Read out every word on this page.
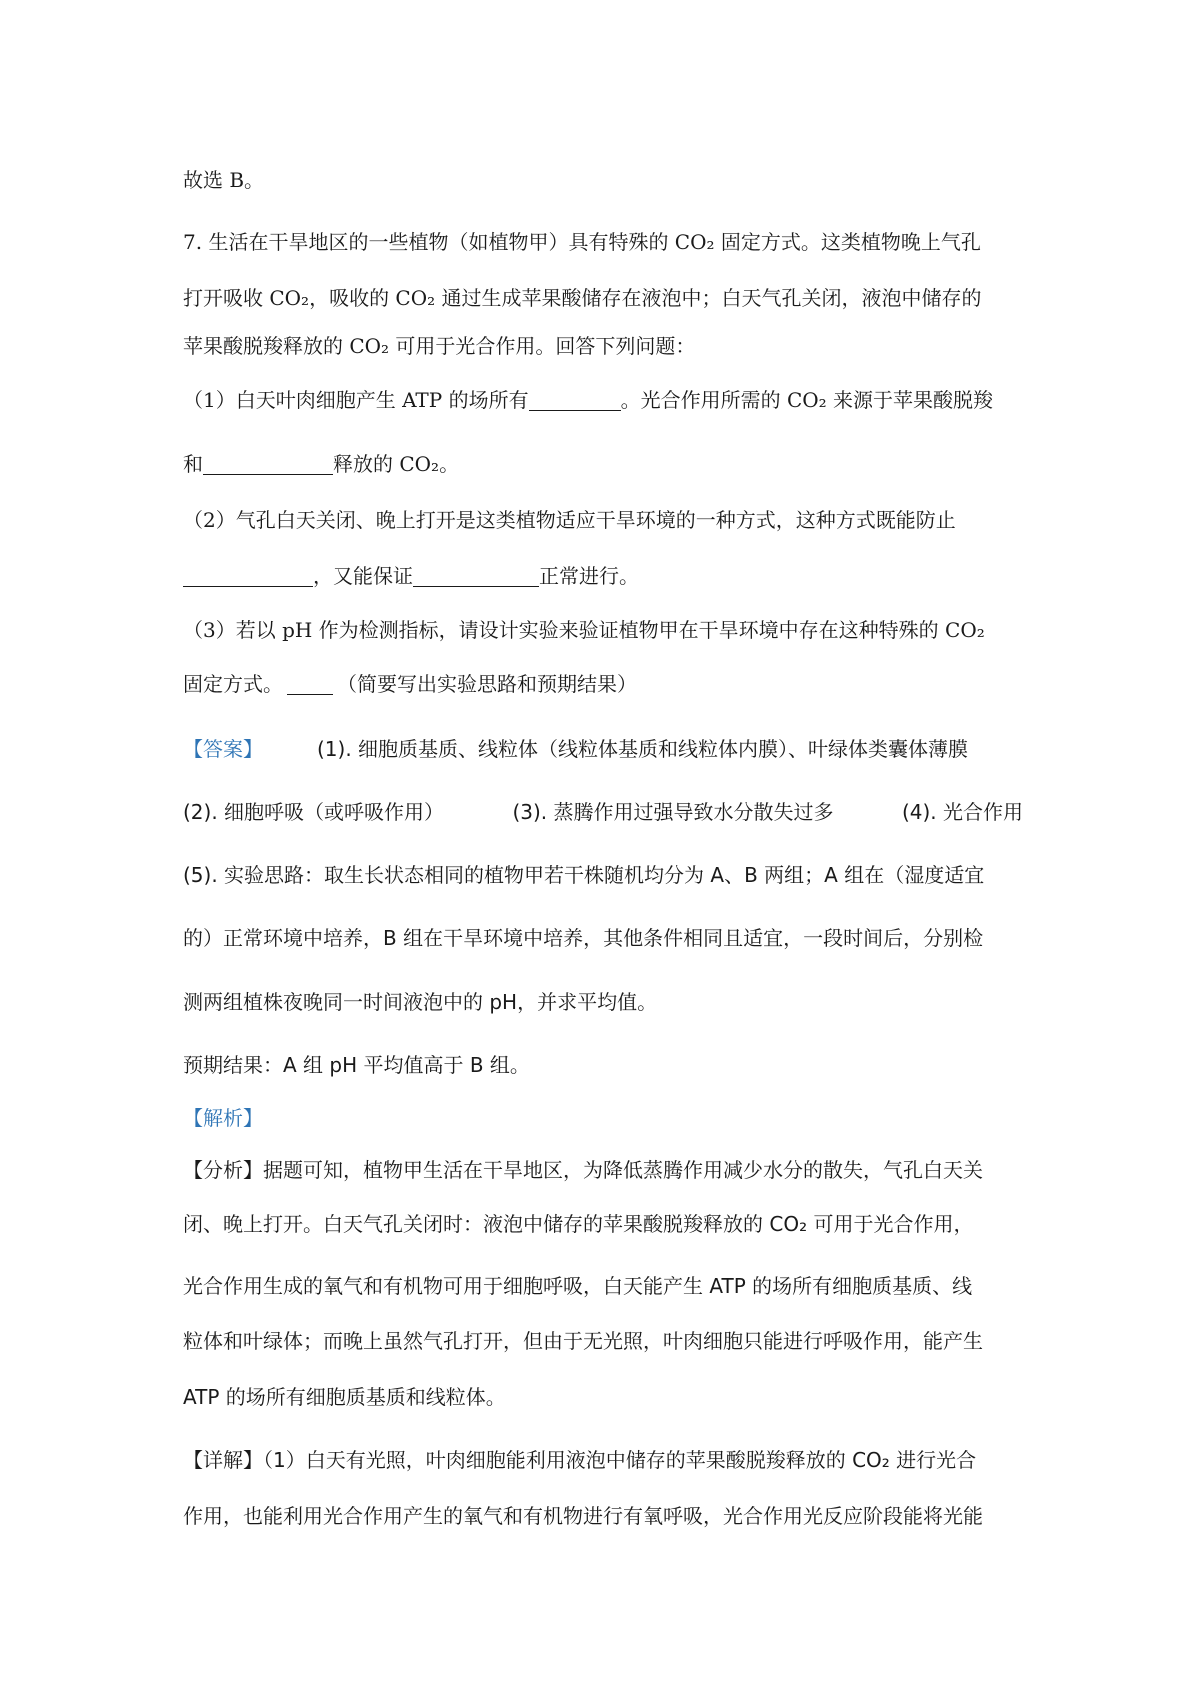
故选 B。
7. 生活在干旱地区的一些植物（如植物甲）具有特殊的 CO₂ 固定方式。这类植物晚上气孔
打开吸收 CO₂，吸收的 CO₂ 通过生成苹果酸储存在液泡中；白天气孔关闭，液泡中储存的
苹果酸脱羧释放的 CO₂ 可用于光合作用。回答下列问题：
（1）白天叶肉细胞产生 ATP 的场所有	。光合作用所需的 CO₂ 来源于苹果酸脱羧
和	释放的 CO₂。
（2）气孔白天关闭、晚上打开是这类植物适应干旱环境的一种方式，这种方式既能防止
，又能保证	正常进行。
（3）若以 pH 作为检测指标，请设计实验来验证植物甲在干旱环境中存在这种特殊的 CO₂
固定方式。	（简要写出实验思路和预期结果）
【答案】	(1). 细胞质基质、线粒体（线粒体基质和线粒体内膜）、叶绿体类囊体薄膜
(2). 细胞呼吸（或呼吸作用）	(3). 蒸腾作用过强导致水分散失过多	(4). 光合作用
(5). 实验思路：取生长状态相同的植物甲若干株随机均分为 A、B 两组；A 组在（湿度适宜
的）正常环境中培养，B 组在干旱环境中培养，其他条件相同且适宜，一段时间后，分别检
测两组植株夜晚同一时间液泡中的 pH，并求平均值。
预期结果：A 组 pH 平均值高于 B 组。
【解析】
【分析】据题可知，植物甲生活在干旱地区，为降低蒸腾作用减少水分的散失，气孔白天关
闭、晚上打开。白天气孔关闭时：液泡中储存的苹果酸脱羧释放的 CO₂ 可用于光合作用，
光合作用生成的氧气和有机物可用于细胞呼吸，白天能产生 ATP 的场所有细胞质基质、线
粒体和叶绿体；而晚上虽然气孔打开，但由于无光照，叶肉细胞只能进行呼吸作用，能产生
ATP 的场所有细胞质基质和线粒体。
【详解】（1）白天有光照，叶肉细胞能利用液泡中储存的苹果酸脱羧释放的 CO₂ 进行光合
作用，也能利用光合作用产生的氧气和有机物进行有氧呼吸，光合作用光反应阶段能将光能
